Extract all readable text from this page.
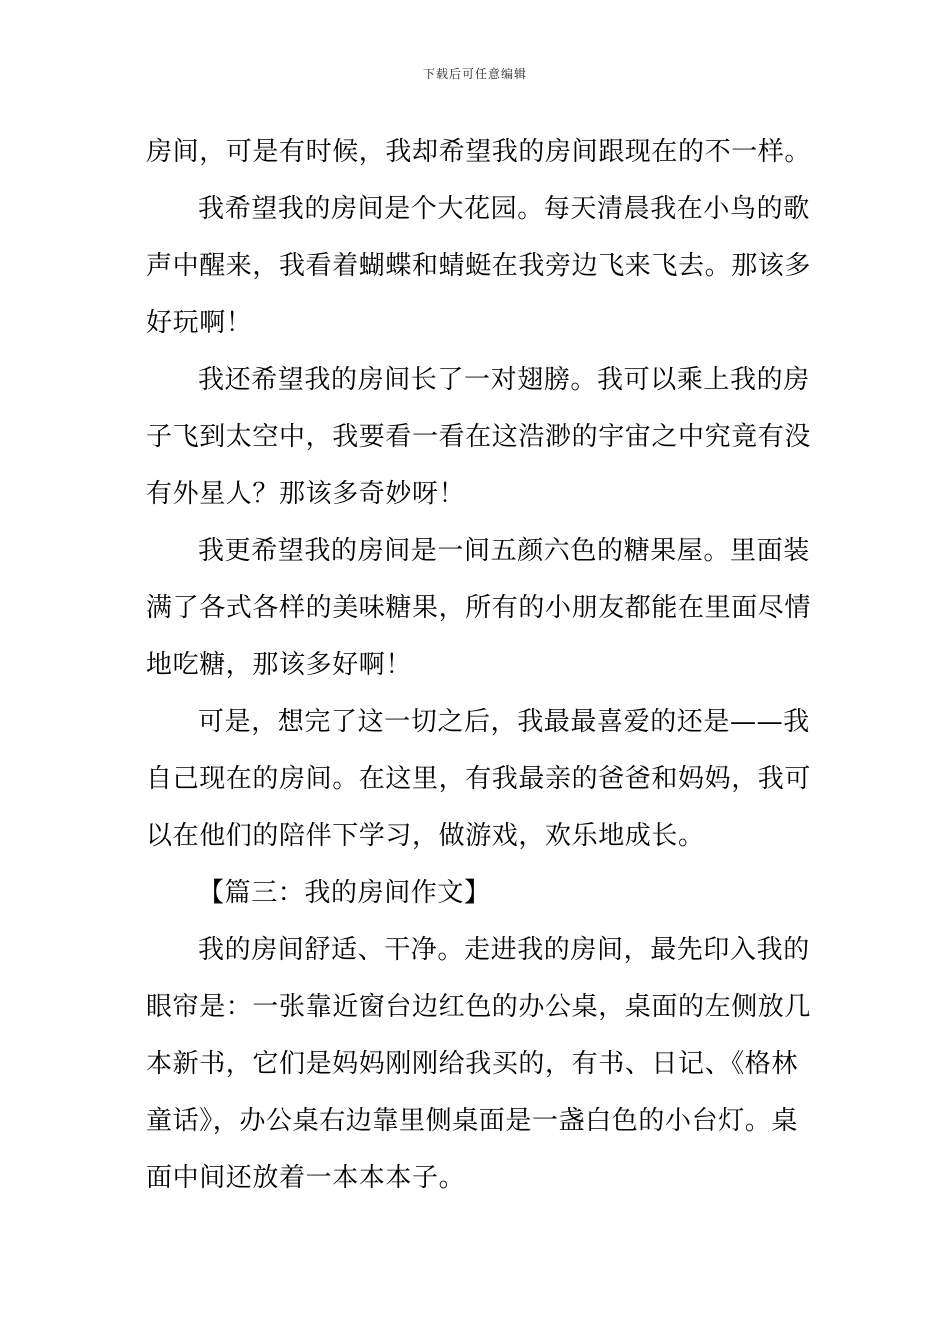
下载后可任意编辑

房间，可是有时候，我却希望我的房间跟现在的不一样。

我希望我的房间是个大花园。每天清晨我在小鸟的歌
声中醒来，我看着蝴蝶和蜻蜓在我旁边飞来飞去。那该多
好玩啊！

我还希望我的房间长了一对翅膀。我可以乘上我的房
子飞到太空中，我要看一看在这浩渺的宇宙之中究竟有没
有外星人？那该多奇妙呀！

我更希望我的房间是一间五颜六色的糖果屋。里面装
满了各式各样的美味糖果，所有的小朋友都能在里面尽情
地吃糖，那该多好啊！

可是，想完了这一切之后，我最最喜爱的还是——我
自己现在的房间。在这里，有我最亲的爸爸和妈妈，我可
以在他们的陪伴下学习，做游戏，欢乐地成长。

【篇三：我的房间作文】

我的房间舒适、干净。走进我的房间，最先印入我的
眼帘是：一张靠近窗台边红色的办公桌，桌面的左侧放几
本新书，它们是妈妈刚刚给我买的，有书、日记、《格林
童话》，办公桌右边靠里侧桌面是一盏白色的小台灯。桌
面中间还放着一本本本子。
